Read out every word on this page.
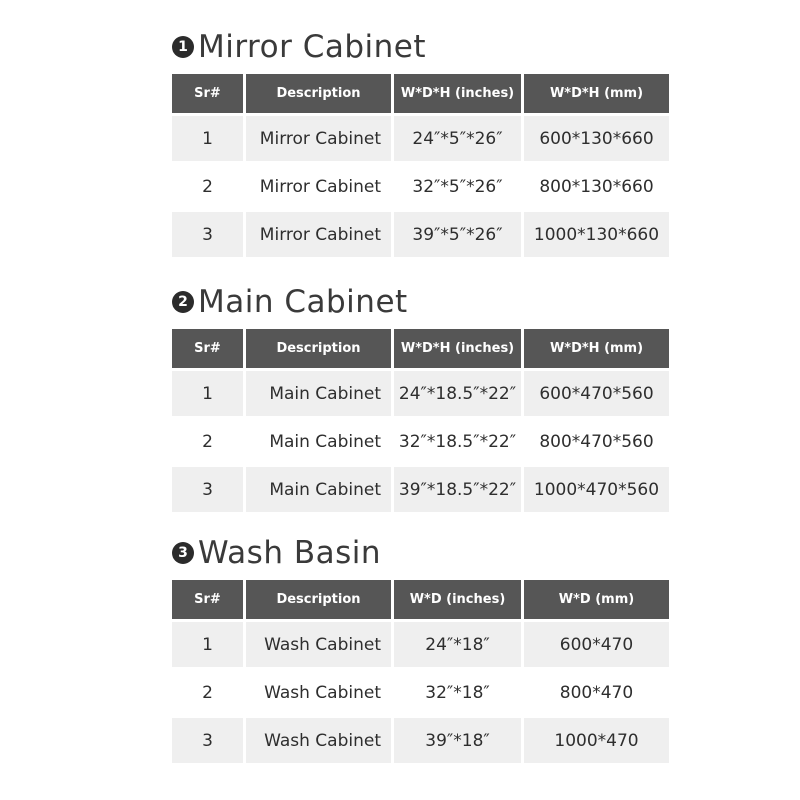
1 Mirror Cabinet
Sr#	Description	W*D*H (inches)	W*D*H (mm)
1	Mirror Cabinet	24″*5″*26″	600*130*660
2	Mirror Cabinet	32″*5″*26″	800*130*660
3	Mirror Cabinet	39″*5″*26″	1000*130*660
2 Main Cabinet
Sr#	Description	W*D*H (inches)	W*D*H (mm)
1	Main Cabinet	24″*18.5″*22″	600*470*560
2	Main Cabinet	32″*18.5″*22″	800*470*560
3	Main Cabinet	39″*18.5″*22″	1000*470*560
3 Wash Basin
Sr#	Description	W*D (inches)	W*D (mm)
1	Wash Cabinet	24″*18″	600*470
2	Wash Cabinet	32″*18″	800*470
3	Wash Cabinet	39″*18″	1000*470
